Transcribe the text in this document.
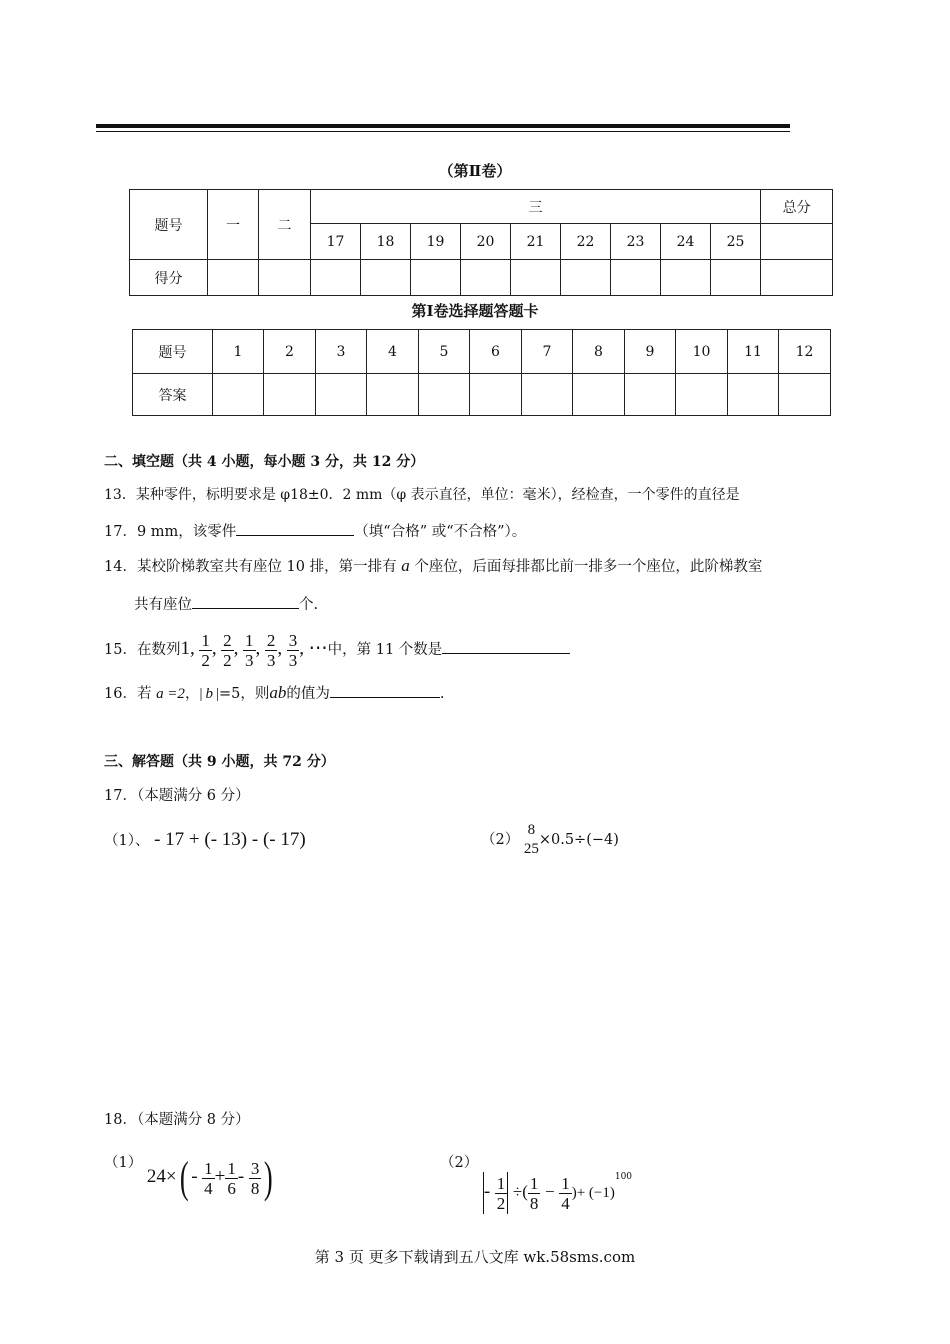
（第Ⅱ卷）
题号	一	二	三									总分
			17	18	19	20	21	22	23	24	25	
得分												
第Ⅰ卷选择题答题卡
题号	1	2	3	4	5	6	7	8	9	10	11	12
答案												
二、填空题（共 4 小题，每小题 3 分，共 12 分）
13．某种零件，标明要求是 φ18±0．2 mm（φ 表示直径，单位：毫米），经检查，一个零件的直径是
17．9 mm，该零件	（填“合格” 或“不合格”）。
14．某校阶梯教室共有座位 10 排，第一排有 a 个座位，后面每排都比前一排多一个座位，此阶梯教室
共有座位	个.
15．在数列1, $\frac{1}{2}$ , $\frac{2}{2}$ , $\frac{1}{3}$ , $\frac{2}{3}$ , $\frac{3}{3}$ , ⋯中，第 11 个数是
16．若 a =2，| b |=5，则ab的值为	.
三、解答题（共 9 小题，共 72 分）
17．（本题满分 6 分）
（1）、 - 17 + (- 13) - (- 17)	（2）
8
25
×0.5÷(−4)
18．（本题满分 8 分）
（1） $24\times( - \frac{1}{4} + \frac{1}{6} - \frac{3}{8}$ )	$(2) - \frac{1}{2}$ ÷( $\frac{1}{8} - \frac{1}{4}$ )+ $(-1)^{100}$
第 3 页 更多下载请到五八文库 wk.58sms.com
